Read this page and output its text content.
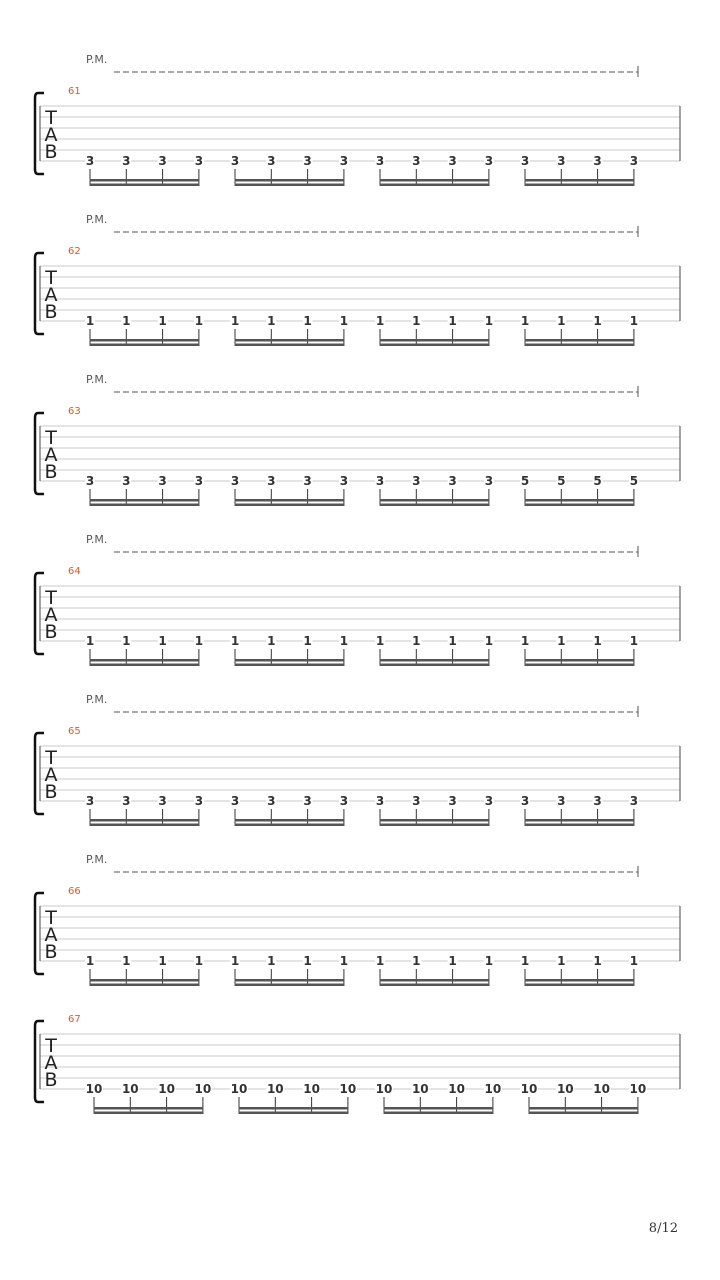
P.M.
61
T
A
B 3 3 3 3 3 3 3 3 3 3 3 3 3 3 3 3
P.M.
62
T
A
B 1 1 1 1 1 1 1 1 1 1 1 1 1 1 1 1
P.M.
63
T
A
B 3 3 3 3 3 3 3 3 3 3 3 3 5 5 5 5
P.M.
64
T
A
B 1 1 1 1 1 1 1 1 1 1 1 1 1 1 1 1
P.M.
65
T
A
B 3 3 3 3 3 3 3 3 3 3 3 3 3 3 3 3
P.M.
66
T
A
B 1 1 1 1 1 1 1 1 1 1 1 1 1 1 1 1
67
T
A
B 10 10 10 10 10 10 10 10 10 10 10 10 10 10 10 10
8/12
